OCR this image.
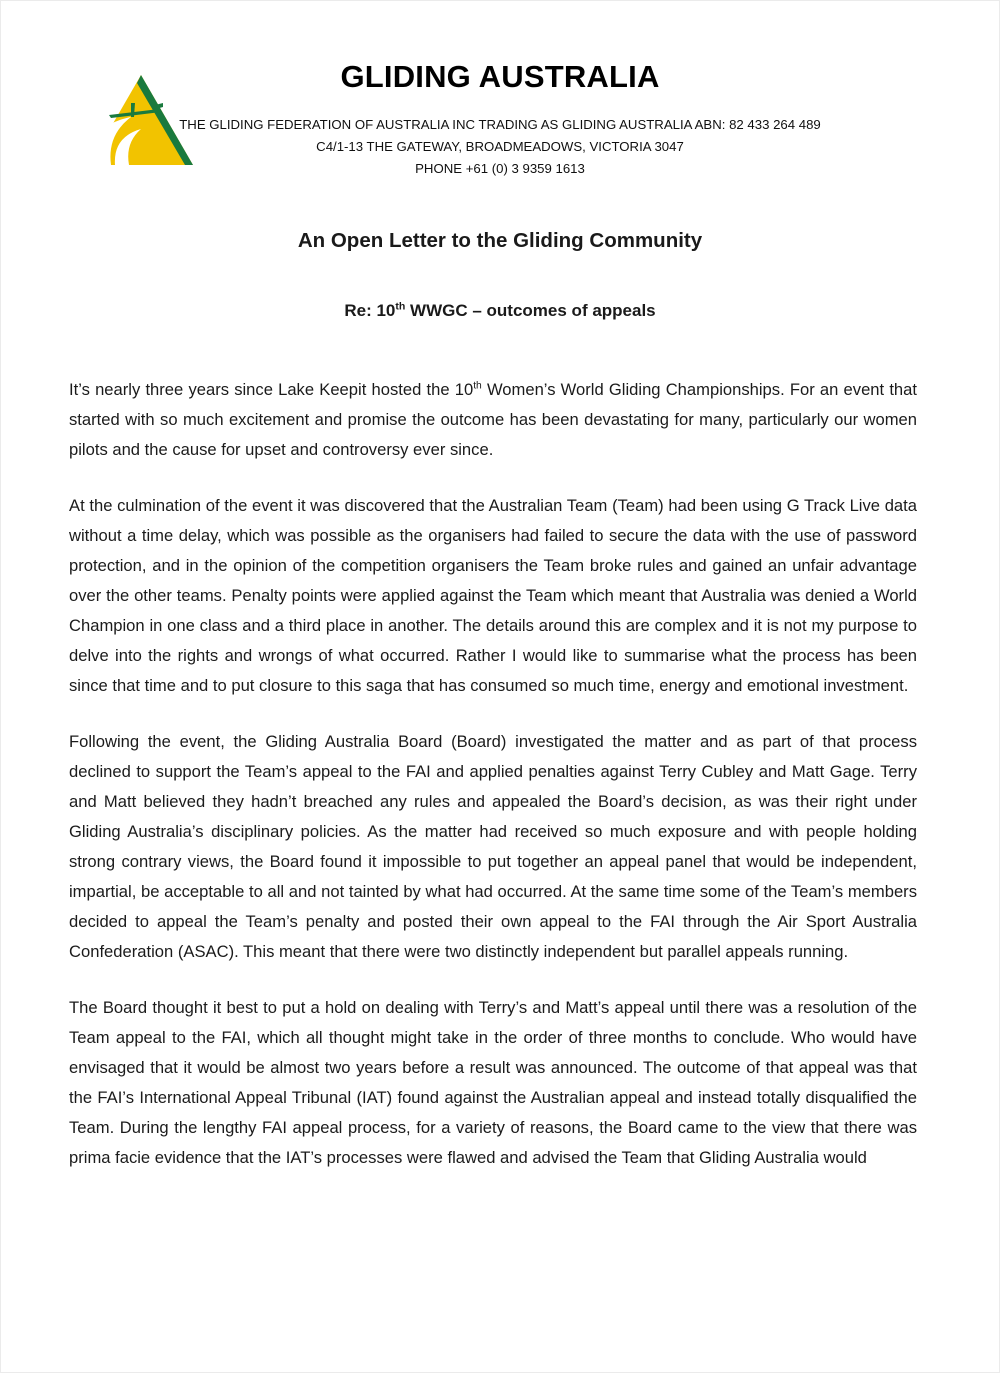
GLIDING AUSTRALIA
THE GLIDING FEDERATION OF AUSTRALIA INC TRADING AS GLIDING AUSTRALIA ABN: 82 433 264 489
C4/1-13 THE GATEWAY, BROADMEADOWS, VICTORIA 3047
PHONE +61 (0) 3 9359 1613
An Open Letter to the Gliding Community
Re: 10th WWGC – outcomes of appeals

It’s nearly three years since Lake Keepit hosted the 10th Women’s World Gliding Championships. For an event that started with so much excitement and promise the outcome has been devastating for many, particularly our women pilots and the cause for upset and controversy ever since.

At the culmination of the event it was discovered that the Australian Team (Team) had been using G Track Live data without a time delay, which was possible as the organisers had failed to secure the data with the use of password protection, and in the opinion of the competition organisers the Team broke rules and gained an unfair advantage over the other teams. Penalty points were applied against the Team which meant that Australia was denied a World Champion in one class and a third place in another. The details around this are complex and it is not my purpose to delve into the rights and wrongs of what occurred. Rather I would like to summarise what the process has been since that time and to put closure to this saga that has consumed so much time, energy and emotional investment.

Following the event, the Gliding Australia Board (Board) investigated the matter and as part of that process declined to support the Team’s appeal to the FAI and applied penalties against Terry Cubley and Matt Gage. Terry and Matt believed they hadn’t breached any rules and appealed the Board’s decision, as was their right under Gliding Australia’s disciplinary policies. As the matter had received so much exposure and with people holding strong contrary views, the Board found it impossible to put together an appeal panel that would be independent, impartial, be acceptable to all and not tainted by what had occurred. At the same time some of the Team’s members decided to appeal the Team’s penalty and posted their own appeal to the FAI through the Air Sport Australia Confederation (ASAC). This meant that there were two distinctly independent but parallel appeals running.

The Board thought it best to put a hold on dealing with Terry’s and Matt’s appeal until there was a resolution of the Team appeal to the FAI, which all thought might take in the order of three months to conclude. Who would have envisaged that it would be almost two years before a result was announced. The outcome of that appeal was that the FAI’s International Appeal Tribunal (IAT) found against the Australian appeal and instead totally disqualified the Team. During the lengthy FAI appeal process, for a variety of reasons, the Board came to the view that there was prima facie evidence that the IAT’s processes were flawed and advised the Team that Gliding Australia would
